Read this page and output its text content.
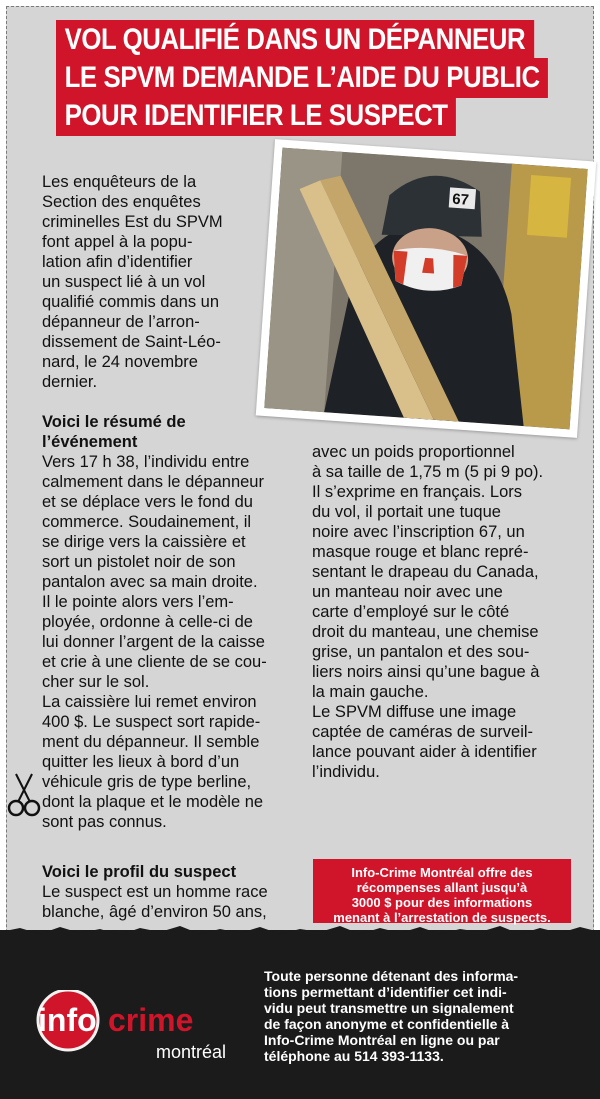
VOL QUALIFIÉ DANS UN DÉPANNEUR
LE SPVM DEMANDE L’AIDE DU PUBLIC
POUR IDENTIFIER LE SUSPECT
67

Les enquêteurs de la

Section des enquêtes

criminelles Est du SPVM

font appel à la popu-

lation afin d’identifier

un suspect lié à un vol

qualifié commis dans un

dépanneur de l’arron-

dissement de Saint-Léo-

nard, le 24 novembre

dernier.

Voici le résumé de

l’événement

Vers 17 h 38, l’individu entre

calmement dans le dépanneur

et se déplace vers le fond du

commerce. Soudainement, il

se dirige vers la caissière et

sort un pistolet noir de son

pantalon avec sa main droite.

Il le pointe alors vers l’em-

ployée, ordonne à celle-ci de

lui donner l’argent de la caisse

et crie à une cliente de se cou-

cher sur le sol.

La caissière lui remet environ

400 $. Le suspect sort rapide-

ment du dépanneur. Il semble

quitter les lieux à bord d’un

véhicule gris de type berline,

dont la plaque et le modèle ne

sont pas connus.

Voici le profil du suspect

Le suspect est un homme race

blanche, âgé d’environ 50 ans,

avec un poids proportionnel

à sa taille de 1,75 m (5 pi 9 po).

Il s’exprime en français. Lors

du vol, il portait une tuque

noire avec l’inscription 67, un

masque rouge et blanc repré-

sentant le drapeau du Canada,

un manteau noir avec une

carte d’employé sur le côté

droit du manteau, une chemise

grise, un pantalon et des sou-

liers noirs ainsi qu’une bague à

la main gauche.

Le SPVM diffuse une image

captée de caméras de surveil-

lance pouvant aider à identifier

l’individu.

Info-Crime Montréal offre des
récompenses allant jusqu’à
3000 $ pour des informations
menant à l’arrestation de suspects.
Toute personne détenant des informa-
tions permettant d’identifier cet indi-
vidu peut transmettre un signalement
de façon anonyme et confidentielle à
Info-Crime Montréal en ligne ou par
téléphone au 514 393-1133.
info crime
montréal
